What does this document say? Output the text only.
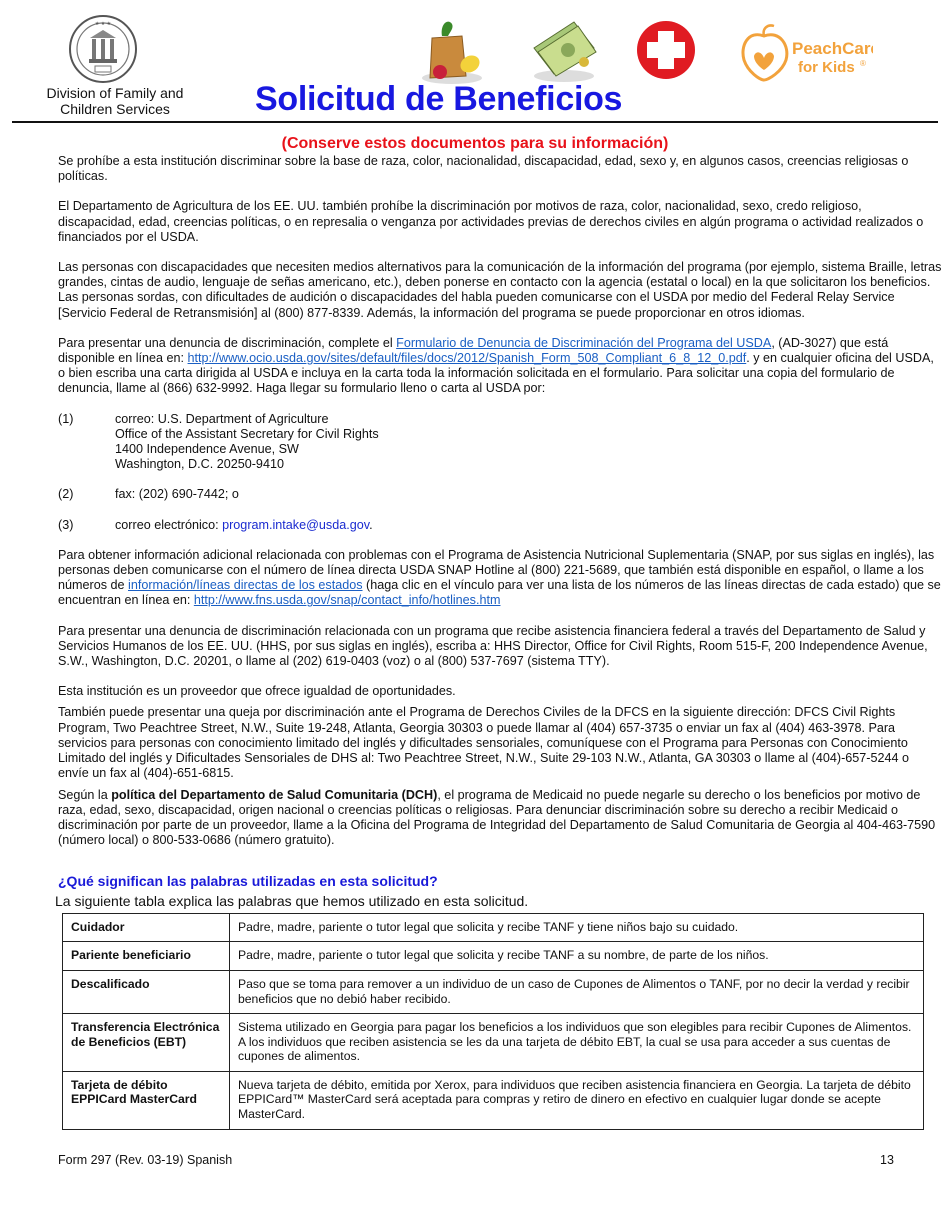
★ ★ ★
Division of Family and
Children Services
PeachCare
for Kids ®
Solicitud de Beneficios
(Conserve estos documentos para su información)

Se prohíbe a esta institución discriminar sobre la base de raza, color, nacionalidad, discapacidad, edad, sexo y, en algunos casos, creencias religiosas o políticas.

El Departamento de Agricultura de los EE. UU. también prohíbe la discriminación por motivos de raza, color, nacionalidad, sexo, credo religioso, discapacidad, edad, creencias políticas, o en represalia o venganza por actividades previas de derechos civiles en algún programa o actividad realizados o financiados por el USDA.

Las personas con discapacidades que necesiten medios alternativos para la comunicación de la información del programa (por ejemplo, sistema Braille, letras grandes, cintas de audio, lenguaje de señas americano, etc.), deben ponerse en contacto con la agencia (estatal o local) en la que solicitaron los beneficios. Las personas sordas, con dificultades de audición o discapacidades del habla pueden comunicarse con el USDA por medio del Federal Relay Service [Servicio Federal de Retransmisión] al (800) 877-8339. Además, la información del programa se puede proporcionar en otros idiomas.

Para presentar una denuncia de discriminación, complete el Formulario de Denuncia de Discriminación del Programa del USDA, (AD-3027) que está disponible en línea en: http://www.ocio.usda.gov/sites/default/files/docs/2012/Spanish_Form_508_Compliant_6_8_12_0.pdf. y en cualquier oficina del USDA, o bien escriba una carta dirigida al USDA e incluya en la carta toda la información solicitada en el formulario. Para solicitar una copia del formulario de denuncia, llame al (866) 632-9992. Haga llegar su formulario lleno o carta al USDA por:

(1)	correo: U.S. Department of Agriculture
Office of the Assistant Secretary for Civil Rights
1400 Independence Avenue, SW
Washington, D.C. 20250-9410
(2)	fax: (202) 690-7442; o
(3)	correo electrónico: program.intake@usda.gov.

Para obtener información adicional relacionada con problemas con el Programa de Asistencia Nutricional Suplementaria (SNAP, por sus siglas en inglés), las personas deben comunicarse con el número de línea directa USDA SNAP Hotline al (800) 221-5689, que también está disponible en español, o llame a los números de información/líneas directas de los estados (haga clic en el vínculo para ver una lista de los números de las líneas directas de cada estado) que se encuentran en línea en: http://www.fns.usda.gov/snap/contact_info/hotlines.htm

Para presentar una denuncia de discriminación relacionada con un programa que recibe asistencia financiera federal a través del Departamento de Salud y Servicios Humanos de los EE. UU. (HHS, por sus siglas en inglés), escriba a: HHS Director, Office for Civil Rights, Room 515-F, 200 Independence Avenue, S.W., Washington, D.C. 20201, o llame al (202) 619-0403 (voz) o al (800) 537-7697 (sistema TTY).

Esta institución es un proveedor que ofrece igualdad de oportunidades.

También puede presentar una queja por discriminación ante el Programa de Derechos Civiles de la DFCS en la siguiente dirección: DFCS Civil Rights Program, Two Peachtree Street, N.W., Suite 19-248, Atlanta, Georgia 30303 o puede llamar al (404) 657-3735 o enviar un fax al (404) 463-3978. Para servicios para personas con conocimiento limitado del inglés y dificultades sensoriales, comuníquese con el Programa para Personas con Conocimiento Limitado del inglés y Dificultades Sensoriales de DHS al: Two Peachtree Street, N.W., Suite 29-103 N.W., Atlanta, GA 30303 o llame al (404)-657-5244 o envíe un fax al (404)-651-6815.

Según la política del Departamento de Salud Comunitaria (DCH), el programa de Medicaid no puede negarle su derecho o los beneficios por motivo de raza, edad, sexo, discapacidad, origen nacional o creencias políticas o religiosas. Para denunciar discriminación sobre su derecho a recibir Medicaid o discriminación por parte de un proveedor, llame a la Oficina del Programa de Integridad del Departamento de Salud Comunitaria de Georgia al 404-463-7590 (número local) o 800-533-0686 (número gratuito).

¿Qué significan las palabras utilizadas en esta solicitud?
La siguiente tabla explica las palabras que hemos utilizado en esta solicitud.
Cuidador	Padre, madre, pariente o tutor legal que solicita y recibe TANF y tiene niños bajo su cuidado.
Pariente beneficiario	Padre, madre, pariente o tutor legal que solicita y recibe TANF a su nombre, de parte de los niños.
Descalificado	Paso que se toma para remover a un individuo de un caso de Cupones de Alimentos o TANF, por no decir la verdad y recibir beneficios que no debió haber recibido.
Transferencia Electrónica de Beneficios (EBT)	Sistema utilizado en Georgia para pagar los beneficios a los individuos que son elegibles para recibir Cupones de Alimentos. A los individuos que reciben asistencia se les da una tarjeta de débito EBT, la cual se usa para acceder a sus cuentas de cupones de alimentos.
Tarjeta de débito EPPICard MasterCard	Nueva tarjeta de débito, emitida por Xerox, para individuos que reciben asistencia financiera en Georgia. La tarjeta de débito EPPICard™ MasterCard será aceptada para compras y retiro de dinero en efectivo en cualquier lugar donde se acepte MasterCard.
Form 297 (Rev. 03-19) Spanish	13
